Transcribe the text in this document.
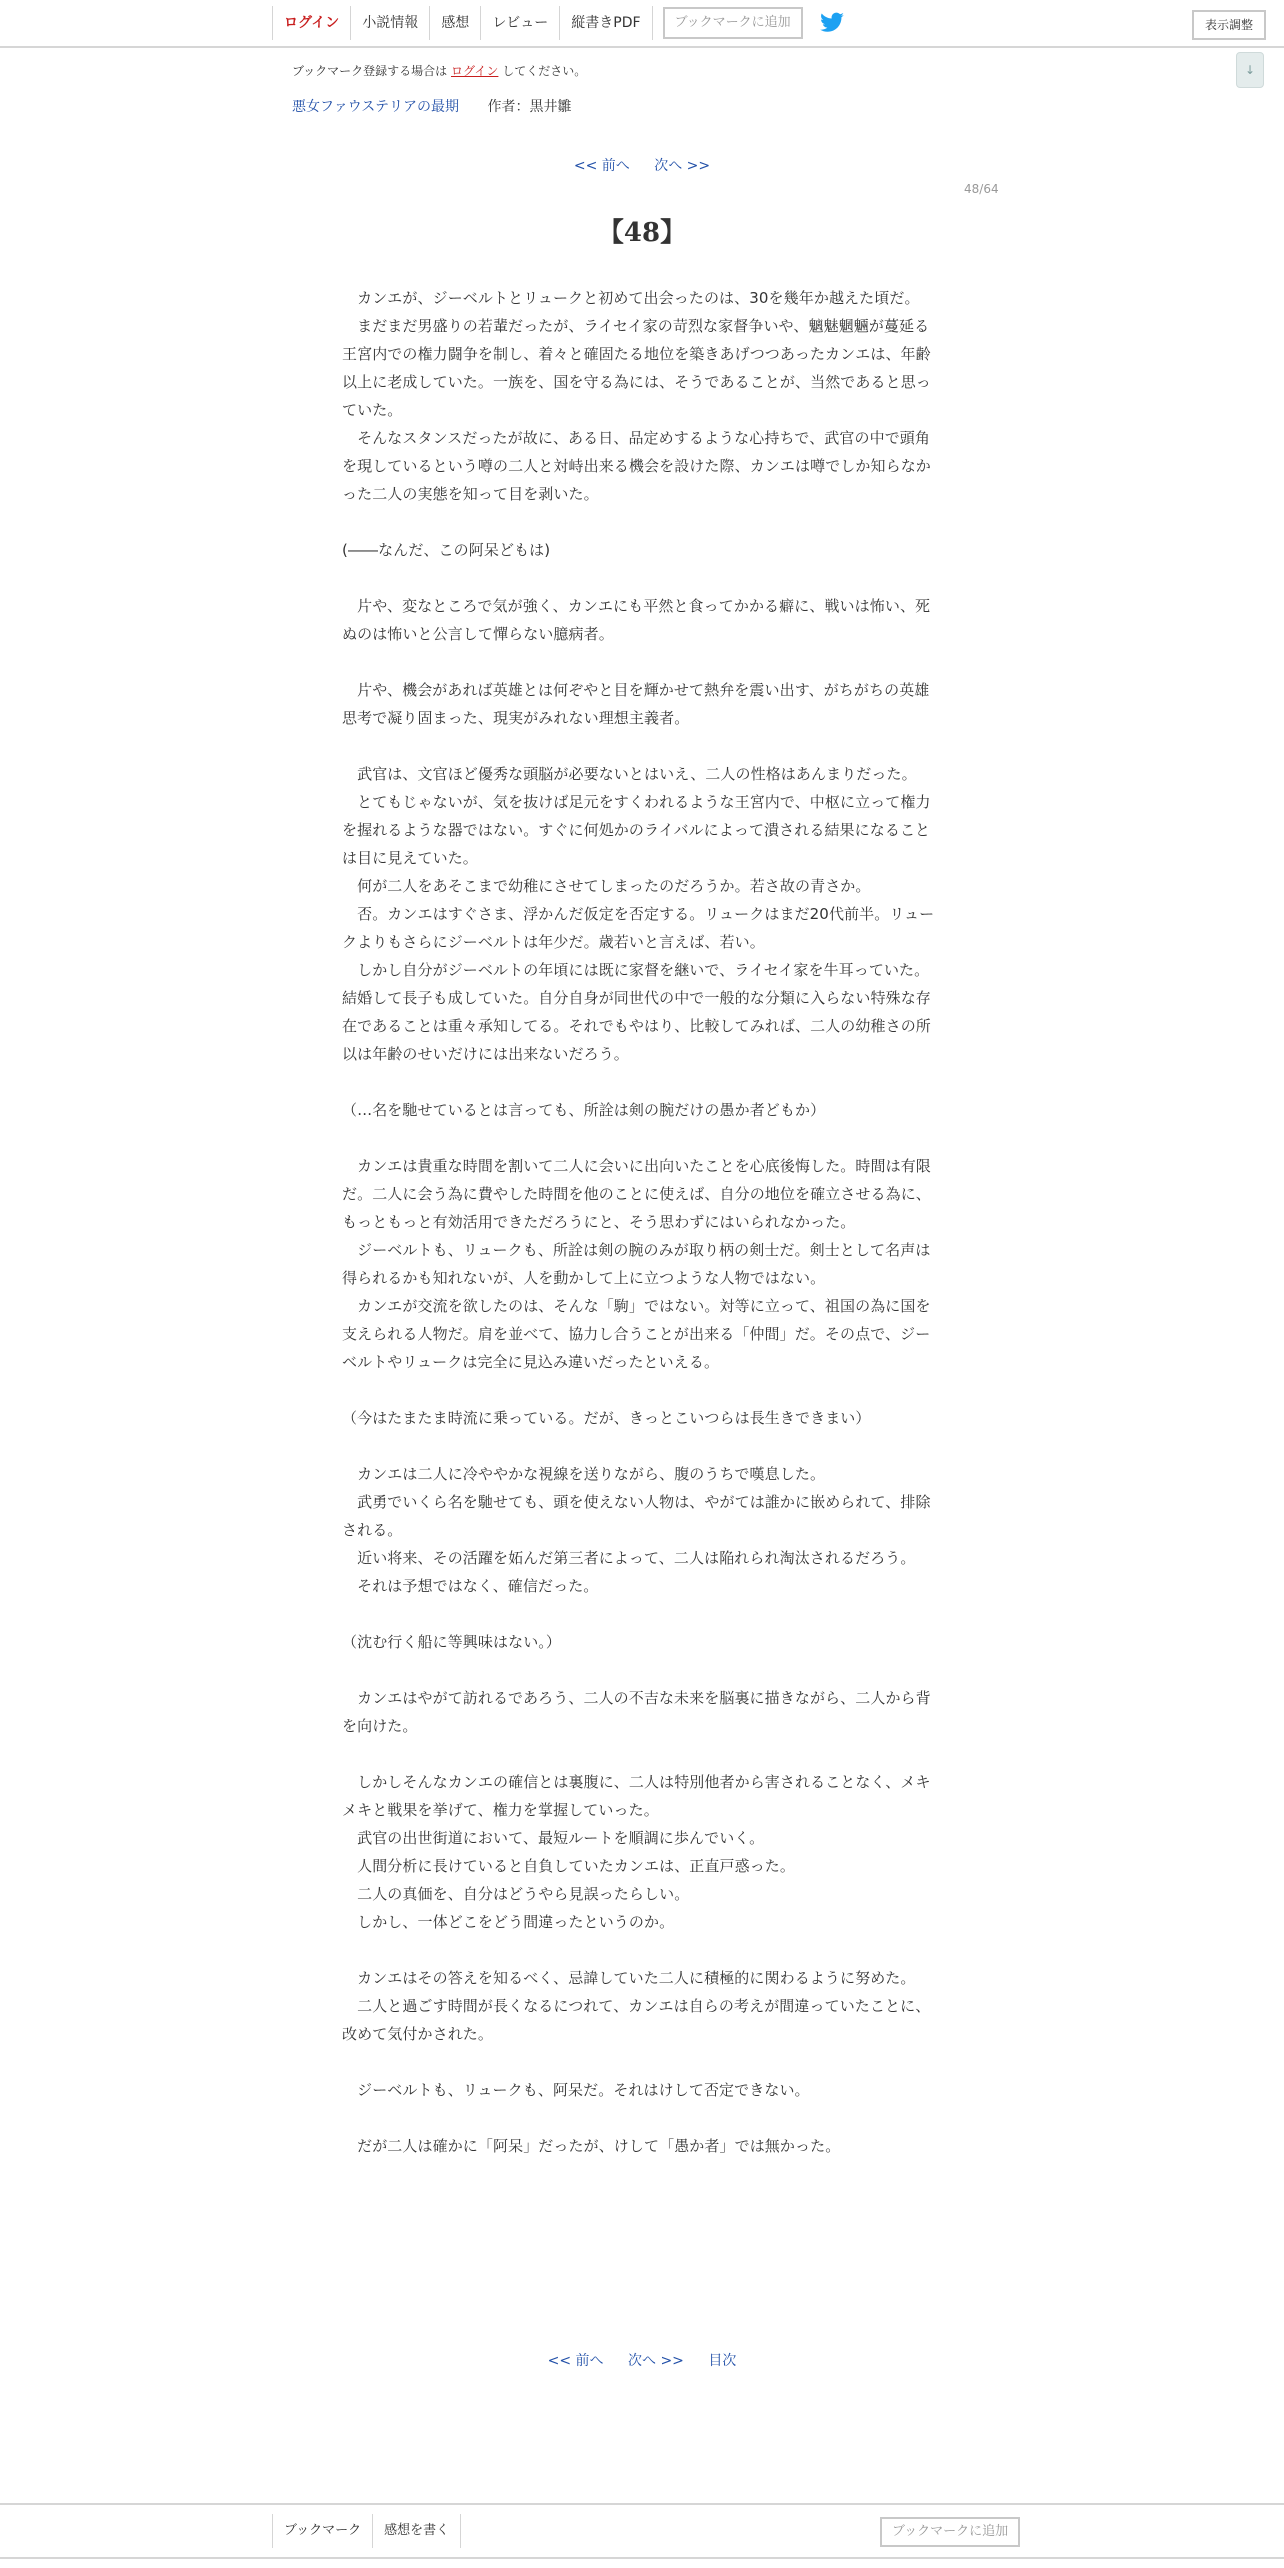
ログイン	小説情報	感想	レビュー	縦書きPDF	ブックマークに追加	表示調整
↓
ブックマーク登録する場合は ログイン してください。
悪女ファウステリアの最期 作者：黒井雛
<< 前へ 次へ >>
48/64
【48】

　カンエが、ジーベルトとリュークと初めて出会ったのは、30を幾年か越えた頃だ。

　まだまだ男盛りの若輩だったが、ライセイ家の苛烈な家督争いや、魑魅魍魎が蔓延る王宮内での権力闘争を制し、着々と確固たる地位を築きあげつつあったカンエは、年齢以上に老成していた。一族を、国を守る為には、そうであることが、当然であると思っていた。

　そんなスタンスだったが故に、ある日、品定めするような心持ちで、武官の中で頭角を現しているという噂の二人と対峙出来る機会を設けた際、カンエは噂でしか知らなかった二人の実態を知って目を剥いた。

(――なんだ、この阿呆どもは)

　片や、変なところで気が強く、カンエにも平然と食ってかかる癖に、戦いは怖い、死ぬのは怖いと公言して憚らない臆病者。

　片や、機会があれば英雄とは何ぞやと目を輝かせて熱弁を震い出す、がちがちの英雄思考で凝り固まった、現実がみれない理想主義者。

　武官は、文官ほど優秀な頭脳が必要ないとはいえ、二人の性格はあんまりだった。

　とてもじゃないが、気を抜けば足元をすくわれるような王宮内で、中枢に立って権力を握れるような器ではない。すぐに何処かのライバルによって潰される結果になることは目に見えていた。

　何が二人をあそこまで幼稚にさせてしまったのだろうか。若さ故の青さか。

　否。カンエはすぐさま、浮かんだ仮定を否定する。リュークはまだ20代前半。リュークよりもさらにジーベルトは年少だ。歳若いと言えば、若い。

　しかし自分がジーベルトの年頃には既に家督を継いで、ライセイ家を牛耳っていた。結婚して長子も成していた。自分自身が同世代の中で一般的な分類に入らない特殊な存在であることは重々承知してる。それでもやはり、比較してみれば、二人の幼稚さの所以は年齢のせいだけには出来ないだろう。

（…名を馳せているとは言っても、所詮は剣の腕だけの愚か者どもか）

　カンエは貴重な時間を割いて二人に会いに出向いたことを心底後悔した。時間は有限だ。二人に会う為に費やした時間を他のことに使えば、自分の地位を確立させる為に、もっともっと有効活用できただろうにと、そう思わずにはいられなかった。

　ジーベルトも、リュークも、所詮は剣の腕のみが取り柄の剣士だ。剣士として名声は得られるかも知れないが、人を動かして上に立つような人物ではない。

　カンエが交流を欲したのは、そんな「駒」ではない。対等に立って、祖国の為に国を支えられる人物だ。肩を並べて、協力し合うことが出来る「仲間」だ。その点で、ジーベルトやリュークは完全に見込み違いだったといえる。

（今はたまたま時流に乗っている。だが、きっとこいつらは長生きできまい）

　カンエは二人に冷ややかな視線を送りながら、腹のうちで嘆息した。

　武勇でいくら名を馳せても、頭を使えない人物は、やがては誰かに嵌められて、排除される。

　近い将来、その活躍を妬んだ第三者によって、二人は陥れられ淘汰されるだろう。

　それは予想ではなく、確信だった。

（沈む行く船に等興味はない。）

　カンエはやがて訪れるであろう、二人の不吉な未来を脳裏に描きながら、二人から背を向けた。

　しかしそんなカンエの確信とは裏腹に、二人は特別他者から害されることなく、メキメキと戦果を挙げて、権力を掌握していった。

　武官の出世街道において、最短ルートを順調に歩んでいく。

　人間分析に長けていると自負していたカンエは、正直戸惑った。

　二人の真価を、自分はどうやら見誤ったらしい。

　しかし、一体どこをどう間違ったというのか。

　カンエはその答えを知るべく、忌諱していた二人に積極的に関わるように努めた。

　二人と過ごす時間が長くなるにつれて、カンエは自らの考えが間違っていたことに、改めて気付かされた。

　ジーベルトも、リュークも、阿呆だ。それはけして否定できない。

　だが二人は確かに「阿呆」だったが、けして「愚か者」では無かった。

<< 前へ 次へ >> 目次
ブックマーク	感想を書く	ブックマークに追加
